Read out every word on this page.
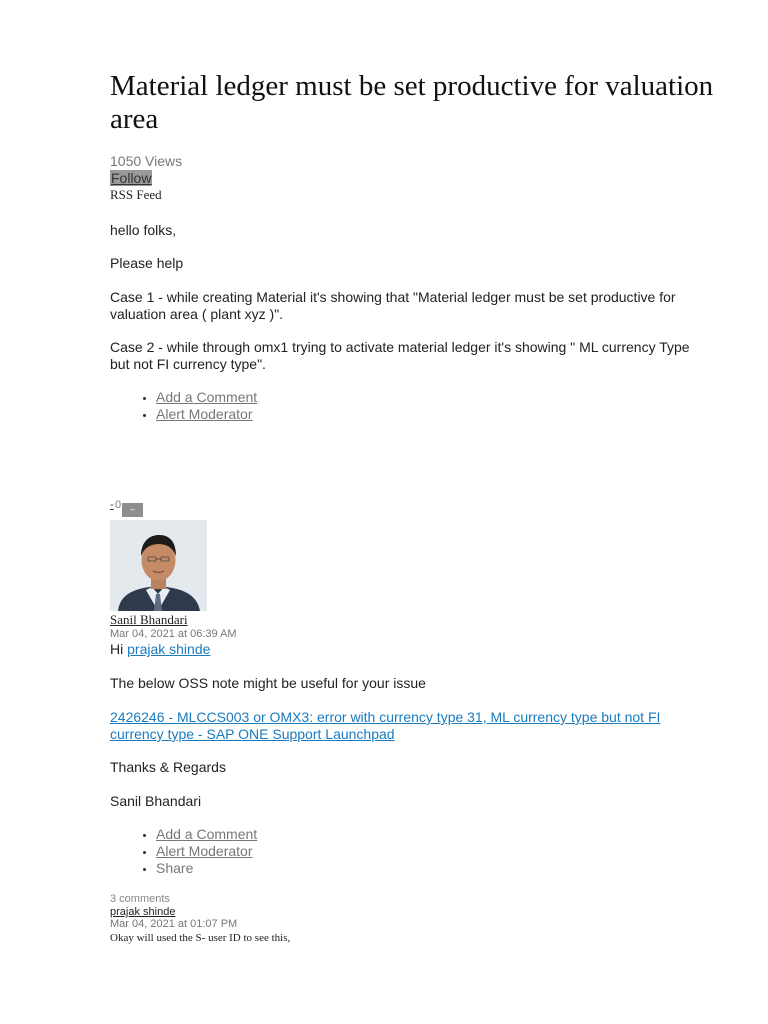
Material ledger must be set productive for valuation area
1050 Views
Follow
RSS Feed

hello folks,

Please help

Case 1 - while creating Material it's showing that "Material ledger must be set productive for valuation area ( plant xyz )".

Case 2 - while through omx1 trying to activate material ledger it's showing " ML currency Type but not FI currency type".

• Add a Comment
• Alert Moderator
- 0 –
Sanil Bhandari
Mar 04, 2021 at 06:39 AM

Hi prajak shinde

The below OSS note might be useful for your issue

2426246 - MLCCS003 or OMX3: error with currency type 31, ML currency type but not FI currency type - SAP ONE Support Launchpad

Thanks & Regards

Sanil Bhandari

• Add a Comment
• Alert Moderator
• Share
3 comments
prajak shinde
Mar 04, 2021 at 01:07 PM
Okay will used the S- user ID to see this,
